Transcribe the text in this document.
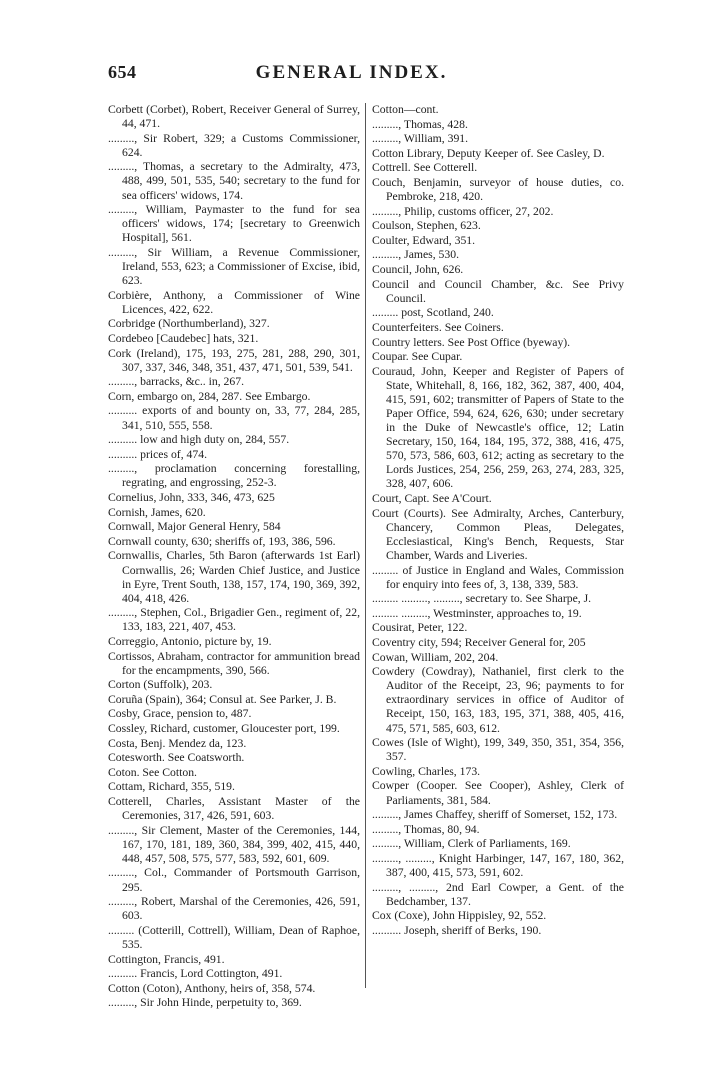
654	GENERAL INDEX.
Corbett (Corbet), Robert, Receiver General of Surrey, 44, 471.
........., Sir Robert, 329; a Customs Commissioner, 624.
........., Thomas, a secretary to the Admiralty, 473, 488, 499, 501, 535, 540; secretary to the fund for sea officers' widows, 174.
........., William, Paymaster to the fund for sea officers' widows, 174; [secretary to Greenwich Hospital], 561.
........., Sir William, a Revenue Commissioner, Ireland, 553, 623; a Commissioner of Excise, ibid, 623.
Corbière, Anthony, a Commissioner of Wine Licences, 422, 622.
Corbridge (Northumberland), 327.
Cordebeo [Caudebec] hats, 321.
Cork (Ireland), 175, 193, 275, 281, 288, 290, 301, 307, 337, 346, 348, 351, 437, 471, 501, 539, 541.
........., barracks, &c.. in, 267.
Corn, embargo on, 284, 287. See Embargo.
.......... exports of and bounty on, 33, 77, 284, 285, 341, 510, 555, 558.
.......... low and high duty on, 284, 557.
.......... prices of, 474.
........., proclamation concerning forestalling, regrating, and engrossing, 252-3.
Cornelius, John, 333, 346, 473, 625
Cornish, James, 620.
Cornwall, Major General Henry, 584
Cornwall county, 630; sheriffs of, 193, 386, 596.
Cornwallis, Charles, 5th Baron (afterwards 1st Earl) Cornwallis, 26; Warden Chief Justice, and Justice in Eyre, Trent South, 138, 157, 174, 190, 369, 392, 404, 418, 426.
........., Stephen, Col., Brigadier Gen., regiment of, 22, 133, 183, 221, 407, 453.
Correggio, Antonio, picture by, 19.
Cortissos, Abraham, contractor for ammunition bread for the encampments, 390, 566.
Corton (Suffolk), 203.
Coruña (Spain), 364; Consul at. See Parker, J. B.
Cosby, Grace, pension to, 487.
Cossley, Richard, customer, Gloucester port, 199.
Costa, Benj. Mendez da, 123.
Cotesworth. See Coatsworth.
Coton. See Cotton.
Cottam, Richard, 355, 519.
Cotterell, Charles, Assistant Master of the Ceremonies, 317, 426, 591, 603.
........., Sir Clement, Master of the Ceremonies, 144, 167, 170, 181, 189, 360, 384, 399, 402, 415, 440, 448, 457, 508, 575, 577, 583, 592, 601, 609.
........., Col., Commander of Portsmouth Garrison, 295.
........., Robert, Marshal of the Ceremonies, 426, 591, 603.
......... (Cotterill, Cottrell), William, Dean of Raphoe, 535.
Cottington, Francis, 491.
.......... Francis, Lord Cottington, 491.
Cotton (Coton), Anthony, heirs of, 358, 574.
........., Sir John Hinde, perpetuity to, 369.
Cotton—cont.
........., Thomas, 428.
........., William, 391.
Cotton Library, Deputy Keeper of. See Casley, D.
Cottrell. See Cotterell.
Couch, Benjamin, surveyor of house duties, co. Pembroke, 218, 420.
........., Philip, customs officer, 27, 202.
Coulson, Stephen, 623.
Coulter, Edward, 351.
........., James, 530.
Council, John, 626.
Council and Council Chamber, &c. See Privy Council.
......... post, Scotland, 240.
Counterfeiters. See Coiners.
Country letters. See Post Office (byeway).
Coupar. See Cupar.
Couraud, John, Keeper and Register of Papers of State, Whitehall, 8, 166, 182, 362, 387, 400, 404, 415, 591, 602; transmitter of Papers of State to the Paper Office, 594, 624, 626, 630; under secretary in the Duke of Newcastle's office, 12; Latin Secretary, 150, 164, 184, 195, 372, 388, 416, 475, 570, 573, 586, 603, 612; acting as secretary to the Lords Justices, 254, 256, 259, 263, 274, 283, 325, 328, 407, 606.
Court, Capt. See A'Court.
Court (Courts). See Admiralty, Arches, Canterbury, Chancery, Common Pleas, Delegates, Ecclesiastical, King's Bench, Requests, Star Chamber, Wards and Liveries.
......... of Justice in England and Wales, Commission for enquiry into fees of, 3, 138, 339, 583.
......... ........., ........., secretary to. See Sharpe, J.
......... ........., Westminster, approaches to, 19.
Cousirat, Peter, 122.
Coventry city, 594; Receiver General for, 205
Cowan, William, 202, 204.
Cowdery (Cowdray), Nathaniel, first clerk to the Auditor of the Receipt, 23, 96; payments to for extraordinary services in office of Auditor of Receipt, 150, 163, 183, 195, 371, 388, 405, 416, 475, 571, 585, 603, 612.
Cowes (Isle of Wight), 199, 349, 350, 351, 354, 356, 357.
Cowling, Charles, 173.
Cowper (Cooper. See Cooper), Ashley, Clerk of Parliaments, 381, 584.
........., James Chaffey, sheriff of Somerset, 152, 173.
........., Thomas, 80, 94.
........., William, Clerk of Parliaments, 169.
........., ........., Knight Harbinger, 147, 167, 180, 362, 387, 400, 415, 573, 591, 602.
........., ........., 2nd Earl Cowper, a Gent. of the Bedchamber, 137.
Cox (Coxe), John Hippisley, 92, 552.
.......... Joseph, sheriff of Berks, 190.
